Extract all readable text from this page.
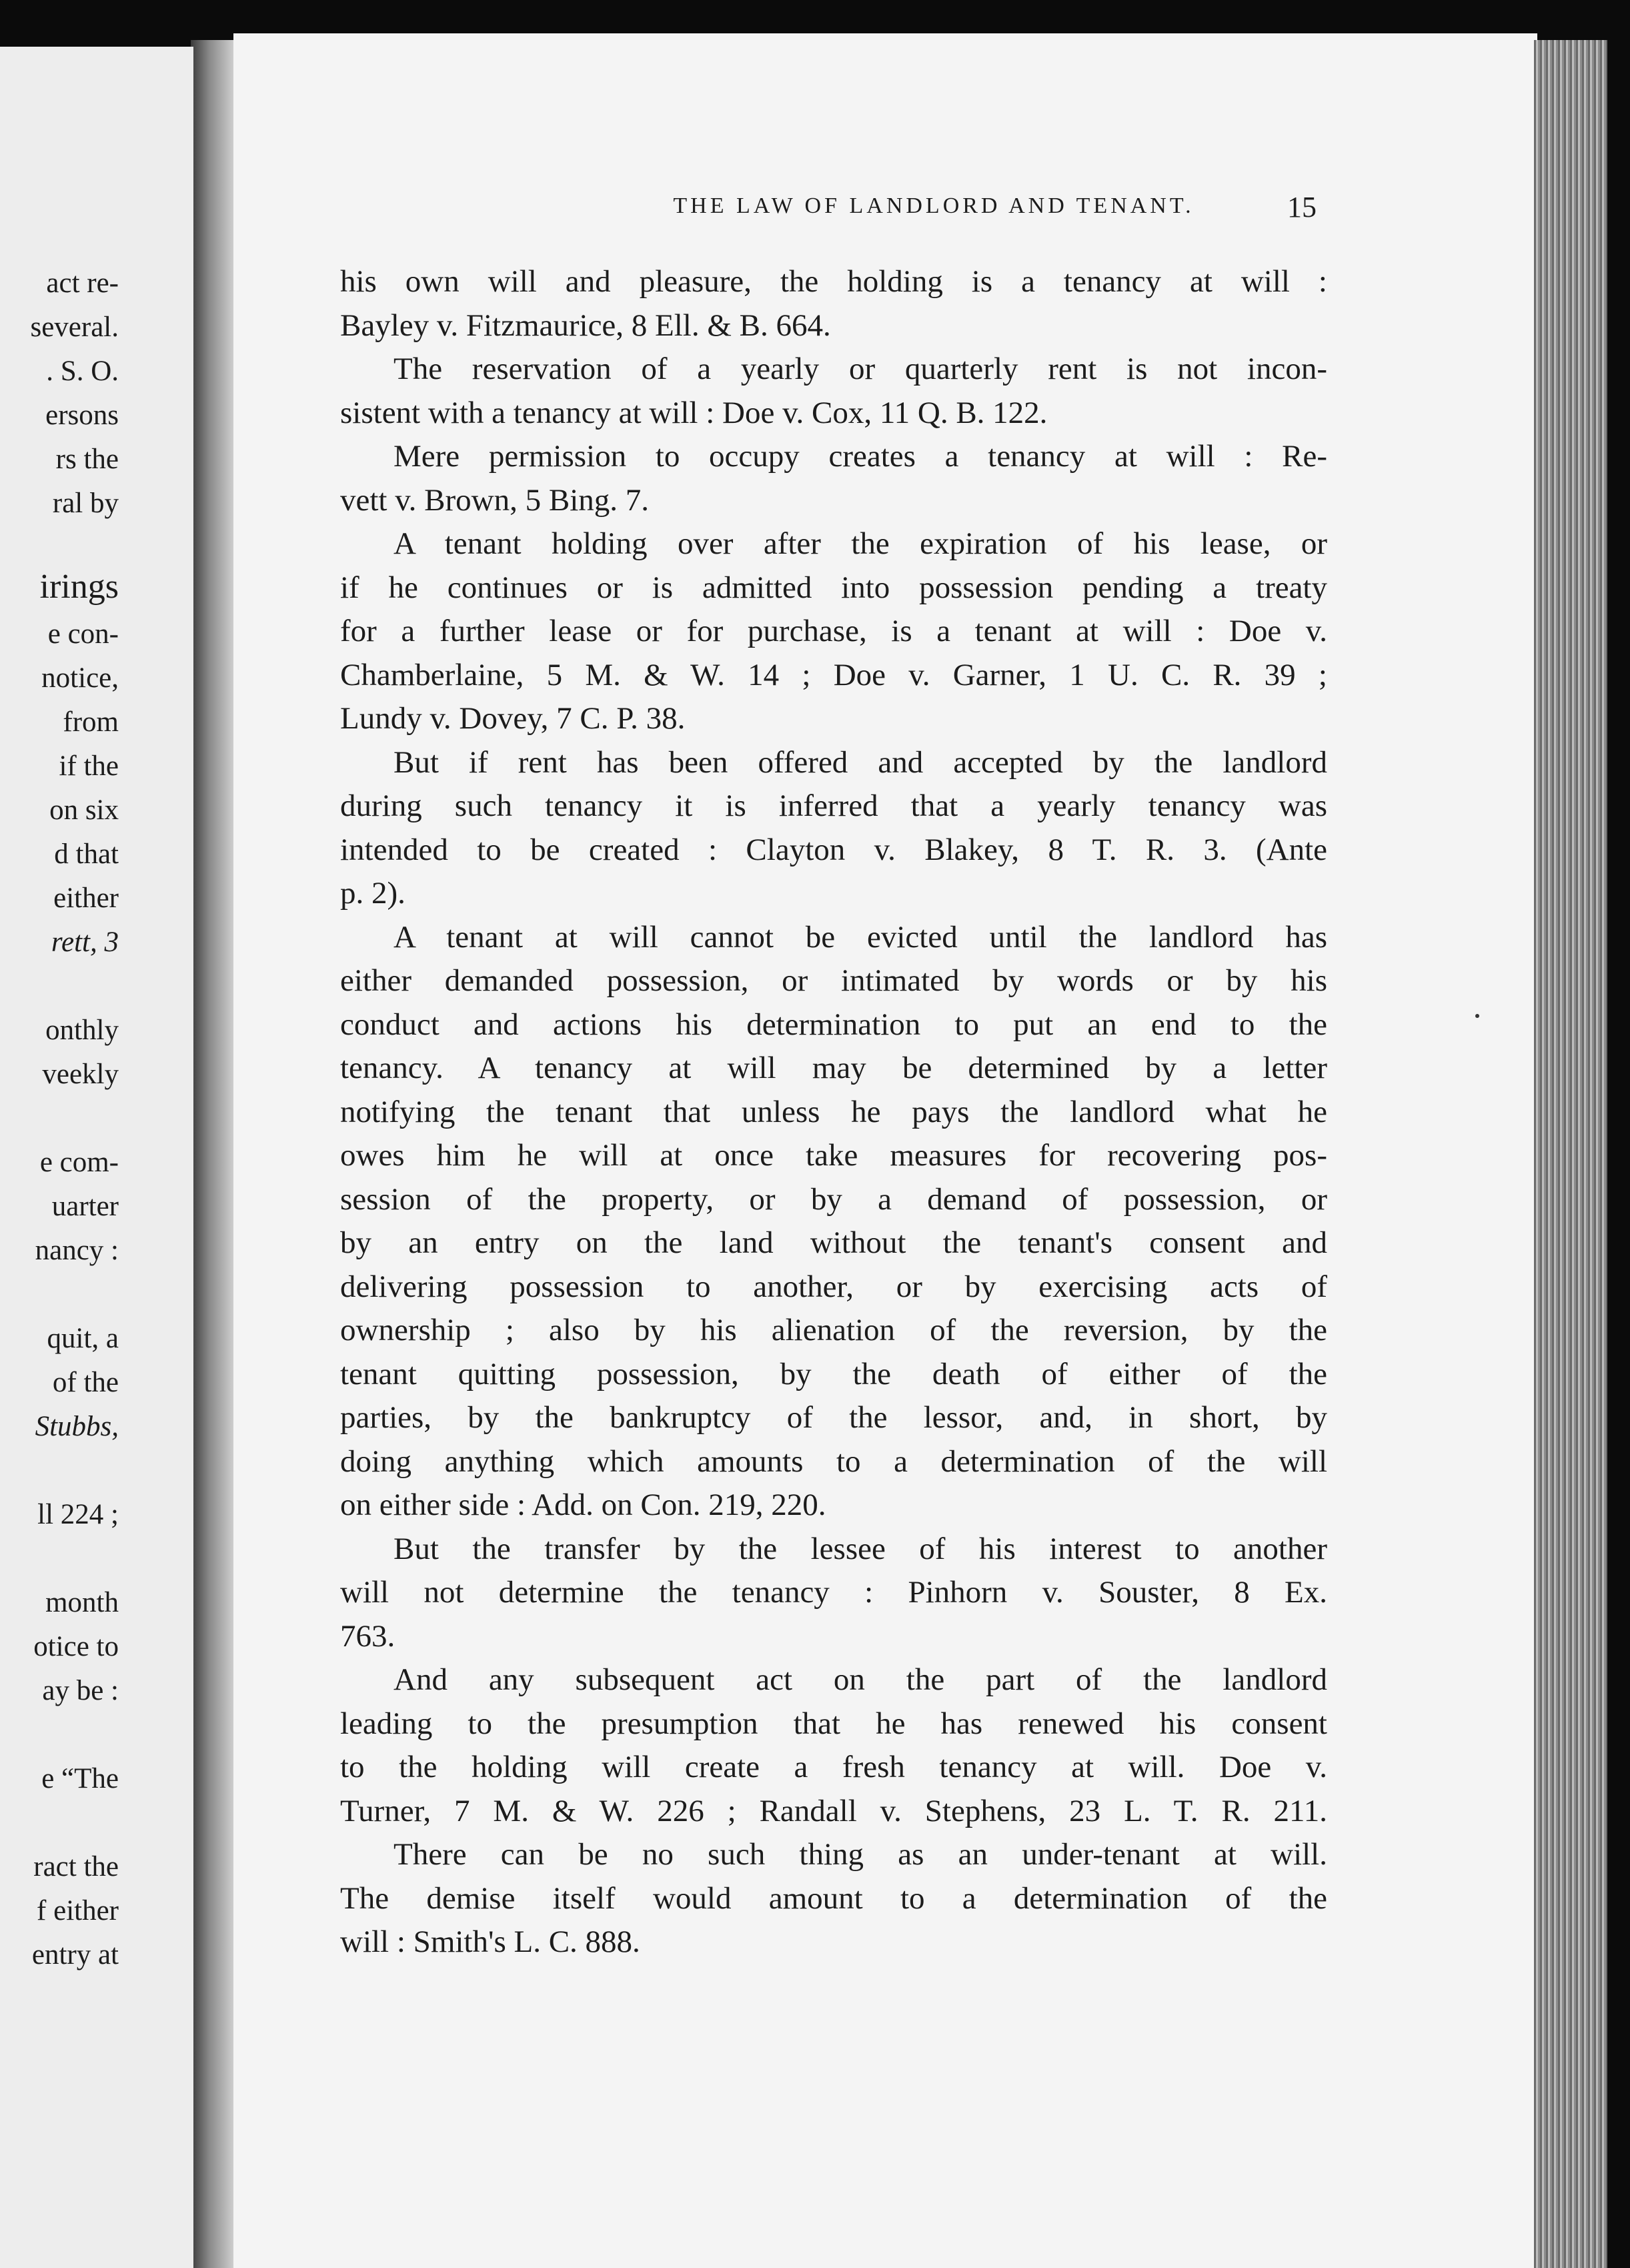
act re-
several.
. S. O.
ersons
rs the
ral by
irings
e con-
notice,
from
if the
on six
d that
either
rett, 3
onthly
veekly
e com-
uarter
nancy :
quit, a
of the
Stubbs,
ll 224 ;
month
otice to
ay be :
e “The
ract the
f either
entry at
THE LAW OF LANDLORD AND TENANT.	15
his own will and pleasure, the holding is a tenancy at will :
Bayley v. Fitzmaurice, 8 Ell. & B. 664.
The reservation of a yearly or quarterly rent is not incon-
sistent with a tenancy at will : Doe v. Cox, 11 Q. B. 122.
Mere permission to occupy creates a tenancy at will : Re-
vett v. Brown, 5 Bing. 7.
A tenant holding over after the expiration of his lease, or
if he continues or is admitted into possession pending a treaty
for a further lease or for purchase, is a tenant at will : Doe v.
Chamberlaine, 5 M. & W. 14 ; Doe v. Garner, 1 U. C. R. 39 ;
Lundy v. Dovey, 7 C. P. 38.
But if rent has been offered and accepted by the landlord
during such tenancy it is inferred that a yearly tenancy was
intended to be created : Clayton v. Blakey, 8 T. R. 3. (Ante
p. 2).
A tenant at will cannot be evicted until the landlord has
either demanded possession, or intimated by words or by his
conduct and actions his determination to put an end to the
tenancy. A tenancy at will may be determined by a letter
notifying the tenant that unless he pays the landlord what he
owes him he will at once take measures for recovering pos-
session of the property, or by a demand of possession, or
by an entry on the land without the tenant's consent and
delivering possession to another, or by exercising acts of
ownership ; also by his alienation of the reversion, by the
tenant quitting possession, by the death of either of the
parties, by the bankruptcy of the lessor, and, in short, by
doing anything which amounts to a determination of the will
on either side : Add. on Con. 219, 220.
But the transfer by the lessee of his interest to another
will not determine the tenancy : Pinhorn v. Souster, 8 Ex.
763.
And any subsequent act on the part of the landlord
leading to the presumption that he has renewed his consent
to the holding will create a fresh tenancy at will. Doe v.
Turner, 7 M. & W. 226 ; Randall v. Stephens, 23 L. T. R. 211.
There can be no such thing as an under-tenant at will.
The demise itself would amount to a determination of the
will : Smith's L. C. 888.
